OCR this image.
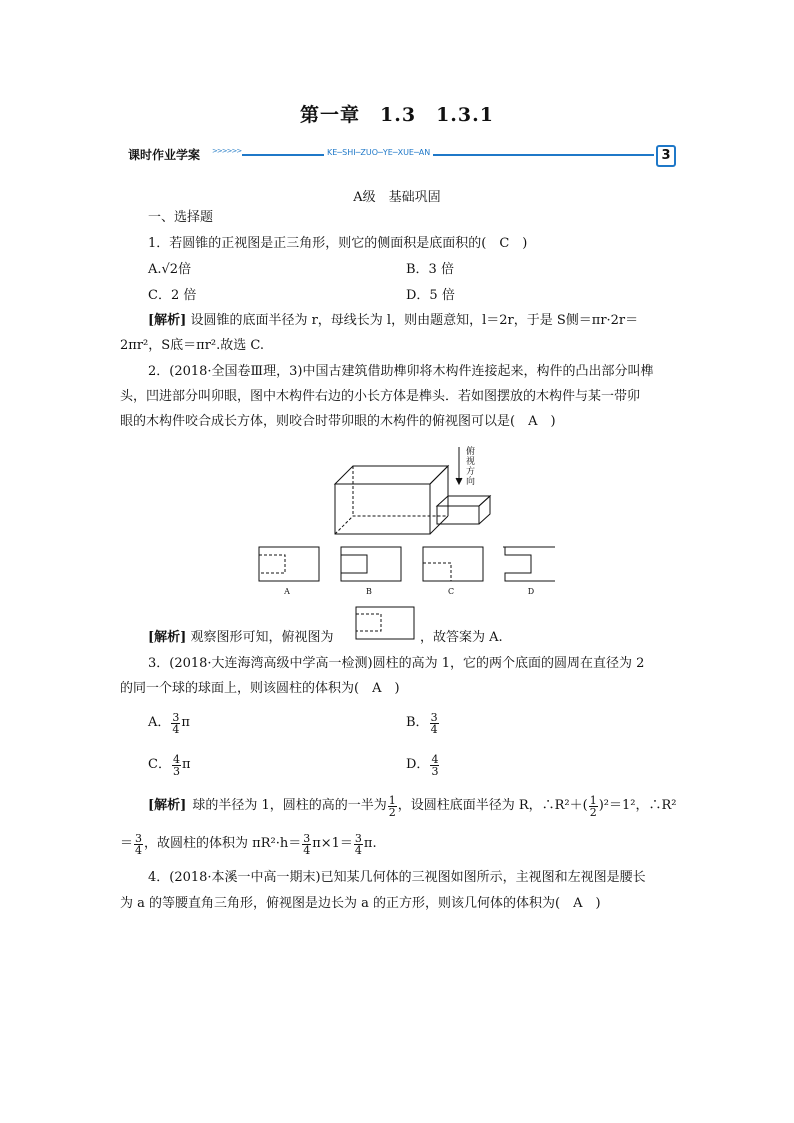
第一章　1.3　1.3.1
课时作业学案 >>>>>>	KE─SHI─ZUO─YE─XUE─AN	3
A级　基础巩固
一、选择题
1．若圆锥的正视图是正三角形，则它的侧面积是底面积的(　C　)
A.√2倍	B．3 倍
C．2 倍	D．5 倍
[解析] 设圆锥的底面半径为 r，母线长为 l，则由题意知，l＝2r，于是 S侧＝πr·2r＝
2πr²，S底＝πr².故选 C.
2．(2018·全国卷Ⅲ理，3)中国古建筑借助榫卯将木构件连接起来，构件的凸出部分叫榫
头，凹进部分叫卯眼，图中木构件右边的小长方体是榫头．若如图摆放的木构件与某一带卯
眼的木构件咬合成长方体，则咬合时带卯眼的木构件的俯视图可以是(　A　)
俯
视
方
向
A	B	C	D
[解析] 观察图形可知，俯视图为	，故答案为 A.
3．(2018·大连海湾高级中学高一检测)圆柱的高为 1，它的两个底面的圆周在直径为 2
的同一个球的球面上，则该圆柱的体积为(　A　)
A． $\frac{3}{4}$ π	B． $\frac{3}{4}$
C． $\frac{4}{3}$ π	D． $\frac{4}{3}$
[解析] 球的半径为 1，圆柱的高的一半为 $\frac{1}{2}$ ，设圆柱底面半径为 R，∴R²＋( $\frac{1}{2} )^2=1^2$，∴R²
＝ $\frac{3}{4}$ ，故圆柱的体积为 $\pi R^2\cdot h= \frac{3}{4} \pi\times 1= \frac{3}{4} \pi$.
4．(2018·本溪一中高一期末)已知某几何体的三视图如图所示，主视图和左视图是腰长
为 a 的等腰直角三角形，俯视图是边长为 a 的正方形，则该几何体的体积为(　A　)
